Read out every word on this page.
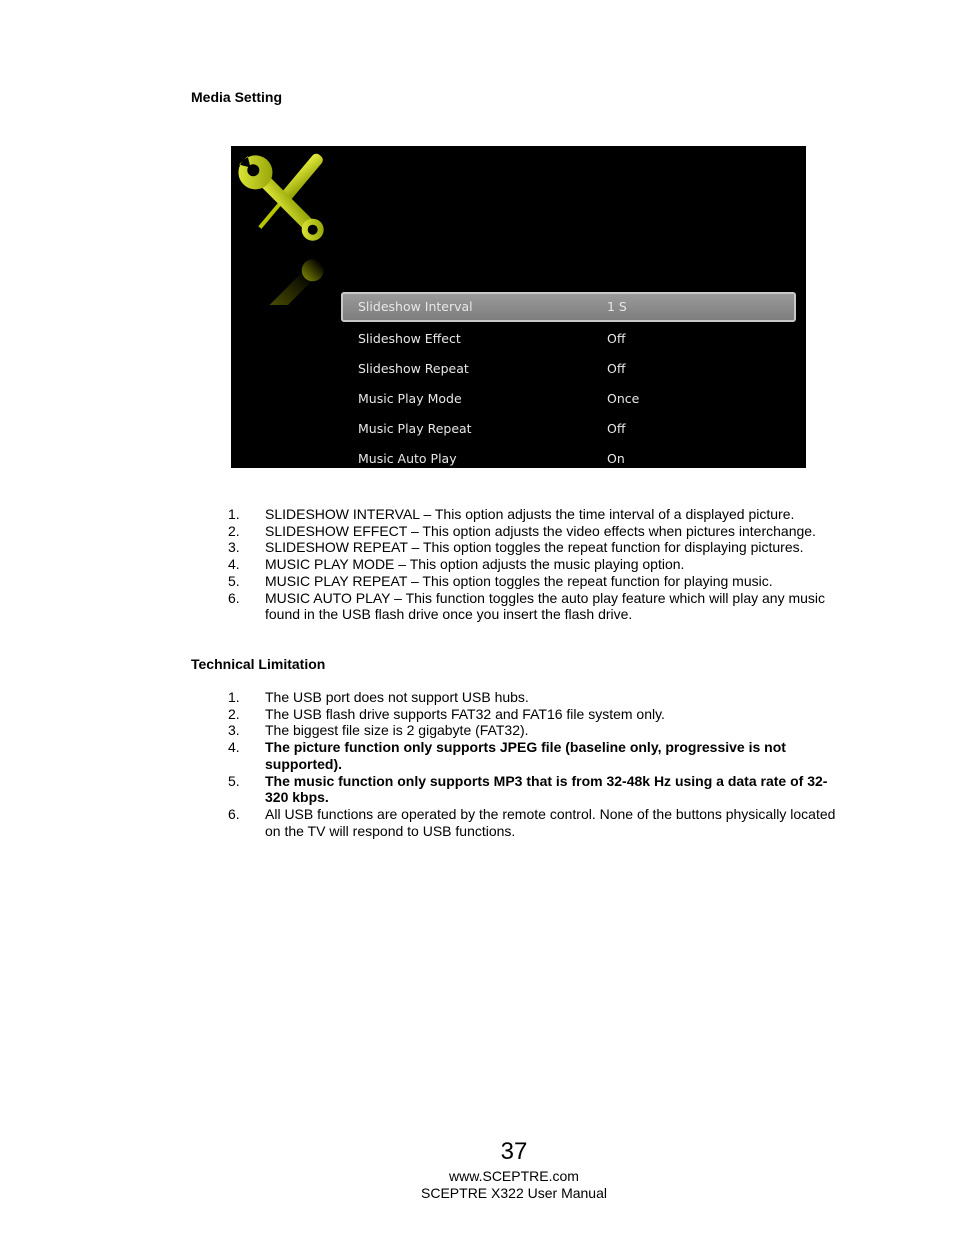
Media Setting
Slideshow Interval	1 S
Slideshow Effect	Off
Slideshow Repeat	Off
Music Play Mode	Once
Music Play Repeat	Off
Music Auto Play	On
1. SLIDESHOW INTERVAL – This option adjusts the time interval of a displayed picture.
2. SLIDESHOW EFFECT – This option adjusts the video effects when pictures interchange.
3. SLIDESHOW REPEAT – This option toggles the repeat function for displaying pictures.
4. MUSIC PLAY MODE – This option adjusts the music playing option.
5. MUSIC PLAY REPEAT – This option toggles the repeat function for playing music.
6. MUSIC AUTO PLAY – This function toggles the auto play feature which will play any music found in the USB flash drive once you insert the flash drive.
Technical Limitation
1. The USB port does not support USB hubs.
2. The USB flash drive supports FAT32 and FAT16 file system only.
3. The biggest file size is 2 gigabyte (FAT32).
4. The picture function only supports JPEG file (baseline only, progressive is not supported).
5. The music function only supports MP3 that is from 32-48k Hz using a data rate of 32-320 kbps.
6. All USB functions are operated by the remote control. None of the buttons physically located on the TV will respond to USB functions.
37
www.SCEPTRE.com
SCEPTRE X322 User Manual
